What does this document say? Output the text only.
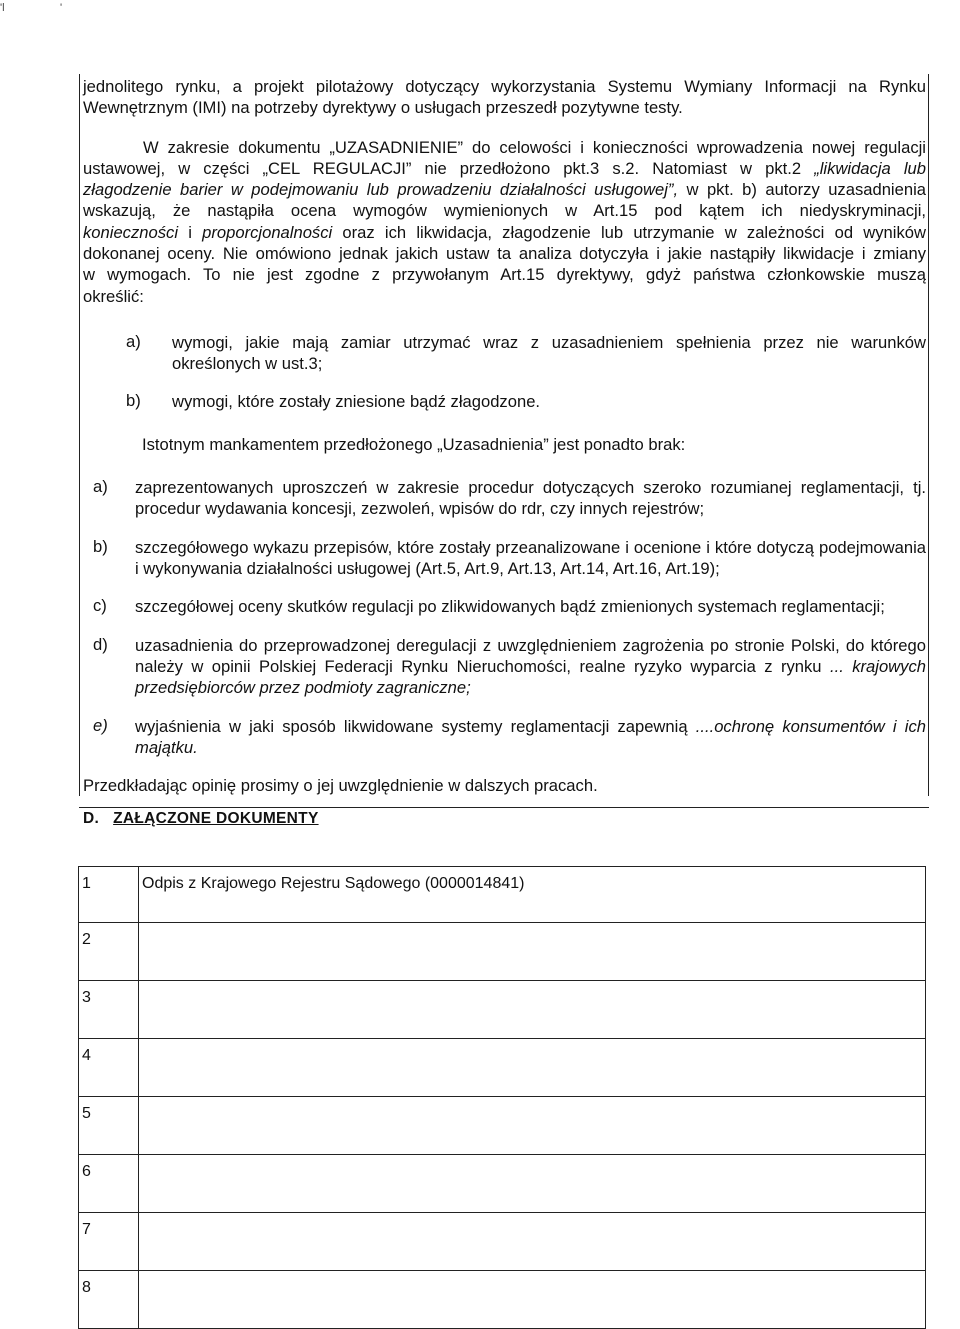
'l	'

jednolitego rynku, a projekt pilotażowy dotyczący wykorzystania Systemu Wymiany Informacji na Rynku

Wewnętrznym (IMI) na potrzeby dyrektywy o usługach przeszedł pozytywne testy.

W zakresie dokumentu „UZASADNIENIE” do celowości i konieczności wprowadzenia nowej regulacji

ustawowej, w części „CEL REGULACJI” nie przedłożono pkt.3 s.2. Natomiast w pkt.2 „likwidacja lub

złagodzenie barier w podejmowaniu lub prowadzeniu działalności usługowej”, w pkt. b) autorzy uzasadnienia

wskazują, że nastąpiła ocena wymogów wymienionych w Art.15 pod kątem ich niedyskryminacji,

konieczności i proporcjonalności oraz ich likwidacja, złagodzenie lub utrzymanie w zależności od wyników

dokonanej oceny. Nie omówiono jednak jakich ustaw ta analiza dotyczyła i jakie nastąpiły likwidacje i zmiany

w wymogach. To nie jest zgodne z przywołanym Art.15 dyrektywy, gdyż państwa członkowskie muszą

określić:

a) wymogi, jakie mają zamiar utrzymać wraz z uzasadnieniem spełnienia przez nie warunków określonych w ust.3;

b) wymogi, które zostały zniesione bądź złagodzone.

Istotnym mankamentem przedłożonego „Uzasadnienia” jest ponadto brak:

a) zaprezentowanych uproszczeń w zakresie procedur dotyczących szeroko rozumianej reglamentacji, tj. procedur wydawania koncesji, zezwoleń, wpisów do rdr, czy innych rejestrów;

b) szczegółowego wykazu przepisów, które zostały przeanalizowane i ocenione i które dotyczą podejmowania i wykonywania działalności usługowej (Art.5, Art.9, Art.13, Art.14, Art.16, Art.19);

c) szczegółowej oceny skutków regulacji po zlikwidowanych bądź zmienionych systemach reglamentacji;

d) uzasadnienia do przeprowadzonej deregulacji z uwzględnieniem zagrożenia po stronie Polski, do którego należy w opinii Polskiej Federacji Rynku Nieruchomości, realne ryzyko wyparcia z rynku ... krajowych przedsiębiorców przez podmioty zagraniczne;

e) wyjaśnienia w jaki sposób likwidowane systemy reglamentacji zapewnią ....ochronę konsumentów i ich majątku.

Przedkładając opinię prosimy o jej uwzględnienie w dalszych pracach.

D. ZAŁĄCZONE DOKUMENTY
1	Odpis z Krajowego Rejestru Sądowego (0000014841)
2	
3	
4	
5	
6	
7	
8	
